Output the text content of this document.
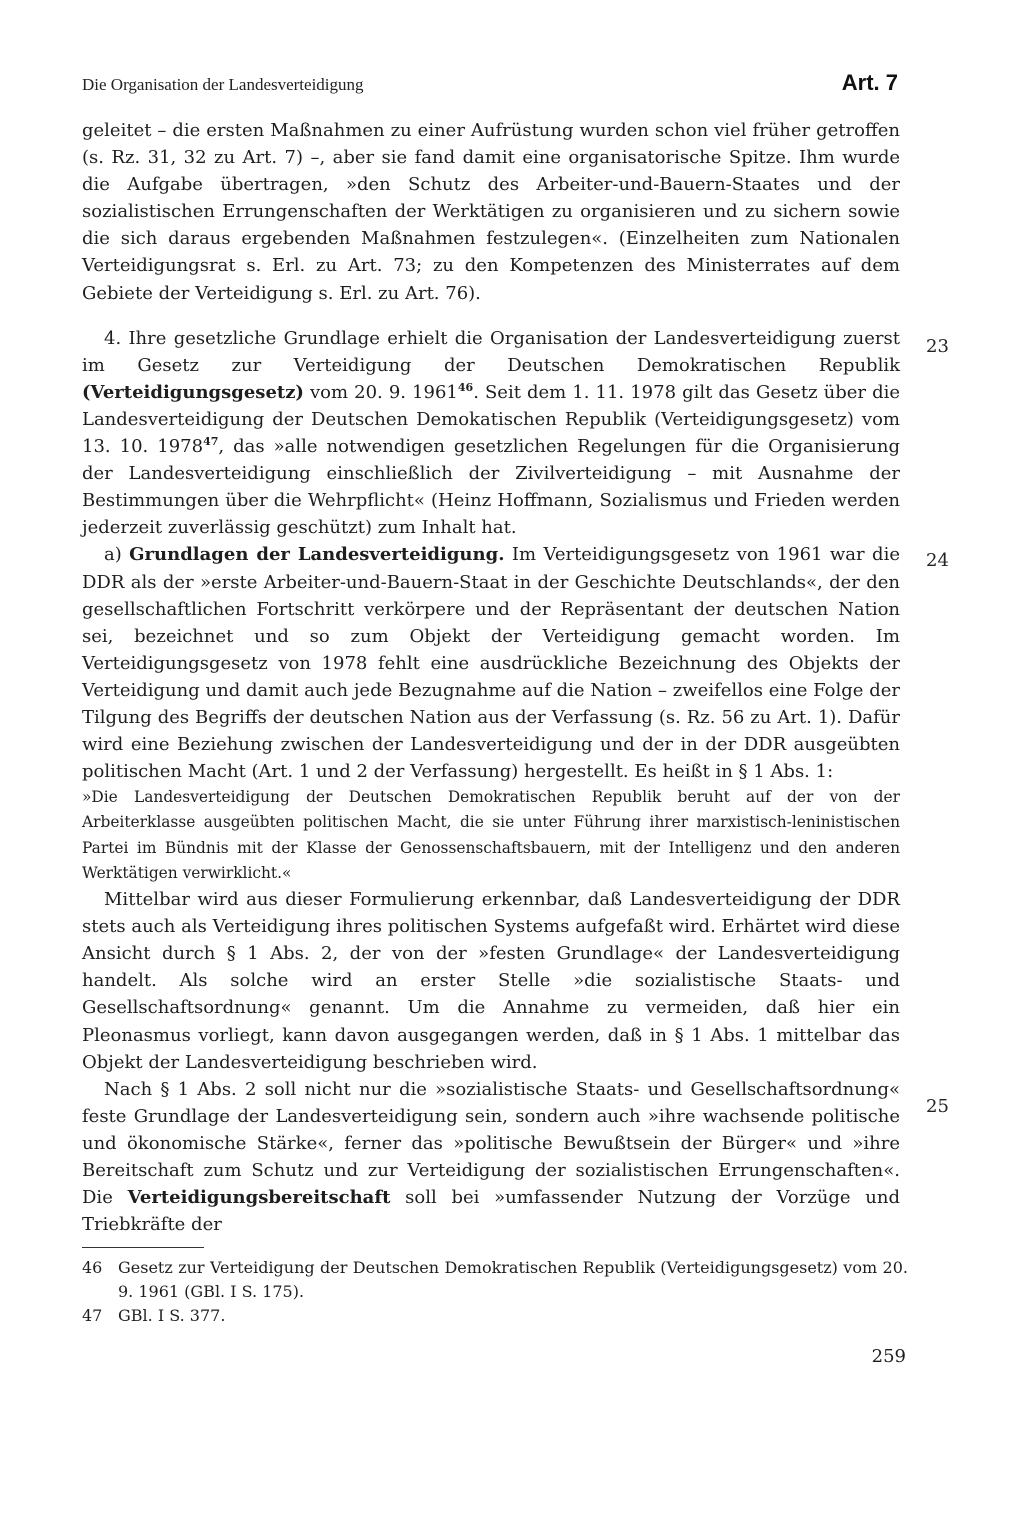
Die Organisation der Landesverteidigung	Art. 7

geleitet – die ersten Maßnahmen zu einer Aufrüstung wurden schon viel früher getroffen (s. Rz. 31, 32 zu Art. 7) –, aber sie fand damit eine organisatorische Spitze. Ihm wurde die Aufgabe übertragen, »den Schutz des Arbeiter-und-Bauern-Staates und der sozialistischen Errungenschaften der Werktätigen zu organisieren und zu sichern sowie die sich daraus ergebenden Maßnahmen festzulegen«. (Einzelheiten zum Nationalen Verteidigungsrat s. Erl. zu Art. 73; zu den Kompetenzen des Ministerrates auf dem Gebiete der Verteidigung s. Erl. zu Art. 76).

4. Ihre gesetzliche Grundlage erhielt die Organisation der Landesverteidigung zuerst im Gesetz zur Verteidigung der Deutschen Demokratischen Republik (Verteidigungsgesetz) vom 20. 9. 1961$^{46}$. Seit dem 1. 11. 1978 gilt das Gesetz über die Landesverteidigung der Deutschen Demokatischen Republik (Verteidigungsgesetz) vom 13. 10. 1978$^{47}$, das »alle notwendigen gesetzlichen Regelungen für die Organisierung der Landesverteidigung einschließlich der Zivilverteidigung – mit Ausnahme der Bestimmungen über die Wehrpflicht« (Heinz Hoffmann, Sozialismus und Frieden werden jederzeit zuverlässig geschützt) zum Inhalt hat.

a) Grundlagen der Landesverteidigung. Im Verteidigungsgesetz von 1961 war die DDR als der »erste Arbeiter-und-Bauern-Staat in der Geschichte Deutschlands«, der den gesellschaftlichen Fortschritt verkörpere und der Repräsentant der deutschen Nation sei, bezeichnet und so zum Objekt der Verteidigung gemacht worden. Im Verteidigungsgesetz von 1978 fehlt eine ausdrückliche Bezeichnung des Objekts der Verteidigung und damit auch jede Bezugnahme auf die Nation – zweifellos eine Folge der Tilgung des Begriffs der deutschen Nation aus der Verfassung (s. Rz. 56 zu Art. 1). Dafür wird eine Beziehung zwischen der Landesverteidigung und der in der DDR ausgeübten politischen Macht (Art. 1 und 2 der Verfassung) hergestellt. Es heißt in § 1 Abs. 1:

»Die Landesverteidigung der Deutschen Demokratischen Republik beruht auf der von der Arbeiterklasse ausgeübten politischen Macht, die sie unter Führung ihrer marxistisch-leninistischen Partei im Bündnis mit der Klasse der Genossenschaftsbauern, mit der Intelligenz und den anderen Werktätigen verwirklicht.«

Mittelbar wird aus dieser Formulierung erkennbar, daß Landesverteidigung der DDR stets auch als Verteidigung ihres politischen Systems aufgefaßt wird. Erhärtet wird diese Ansicht durch § 1 Abs. 2, der von der »festen Grundlage« der Landesverteidigung handelt. Als solche wird an erster Stelle »die sozialistische Staats- und Gesellschaftsordnung« genannt. Um die Annahme zu vermeiden, daß hier ein Pleonasmus vorliegt, kann davon ausgegangen werden, daß in § 1 Abs. 1 mittelbar das Objekt der Landesverteidigung beschrieben wird.

Nach § 1 Abs. 2 soll nicht nur die »sozialistische Staats- und Gesellschaftsordnung« feste Grundlage der Landesverteidigung sein, sondern auch »ihre wachsende politische und ökonomische Stärke«, ferner das »politische Bewußtsein der Bürger« und »ihre Bereitschaft zum Schutz und zur Verteidigung der sozialistischen Errungenschaften«. Die Verteidigungsbereitschaft soll bei »umfassender Nutzung der Vorzüge und Triebkräfte der

23
24
25
46 Gesetz zur Verteidigung der Deutschen Demokratischen Republik (Verteidigungsgesetz) vom 20. 9. 1961 (GBl. I S. 175).
47 GBl. I S. 377.
259
